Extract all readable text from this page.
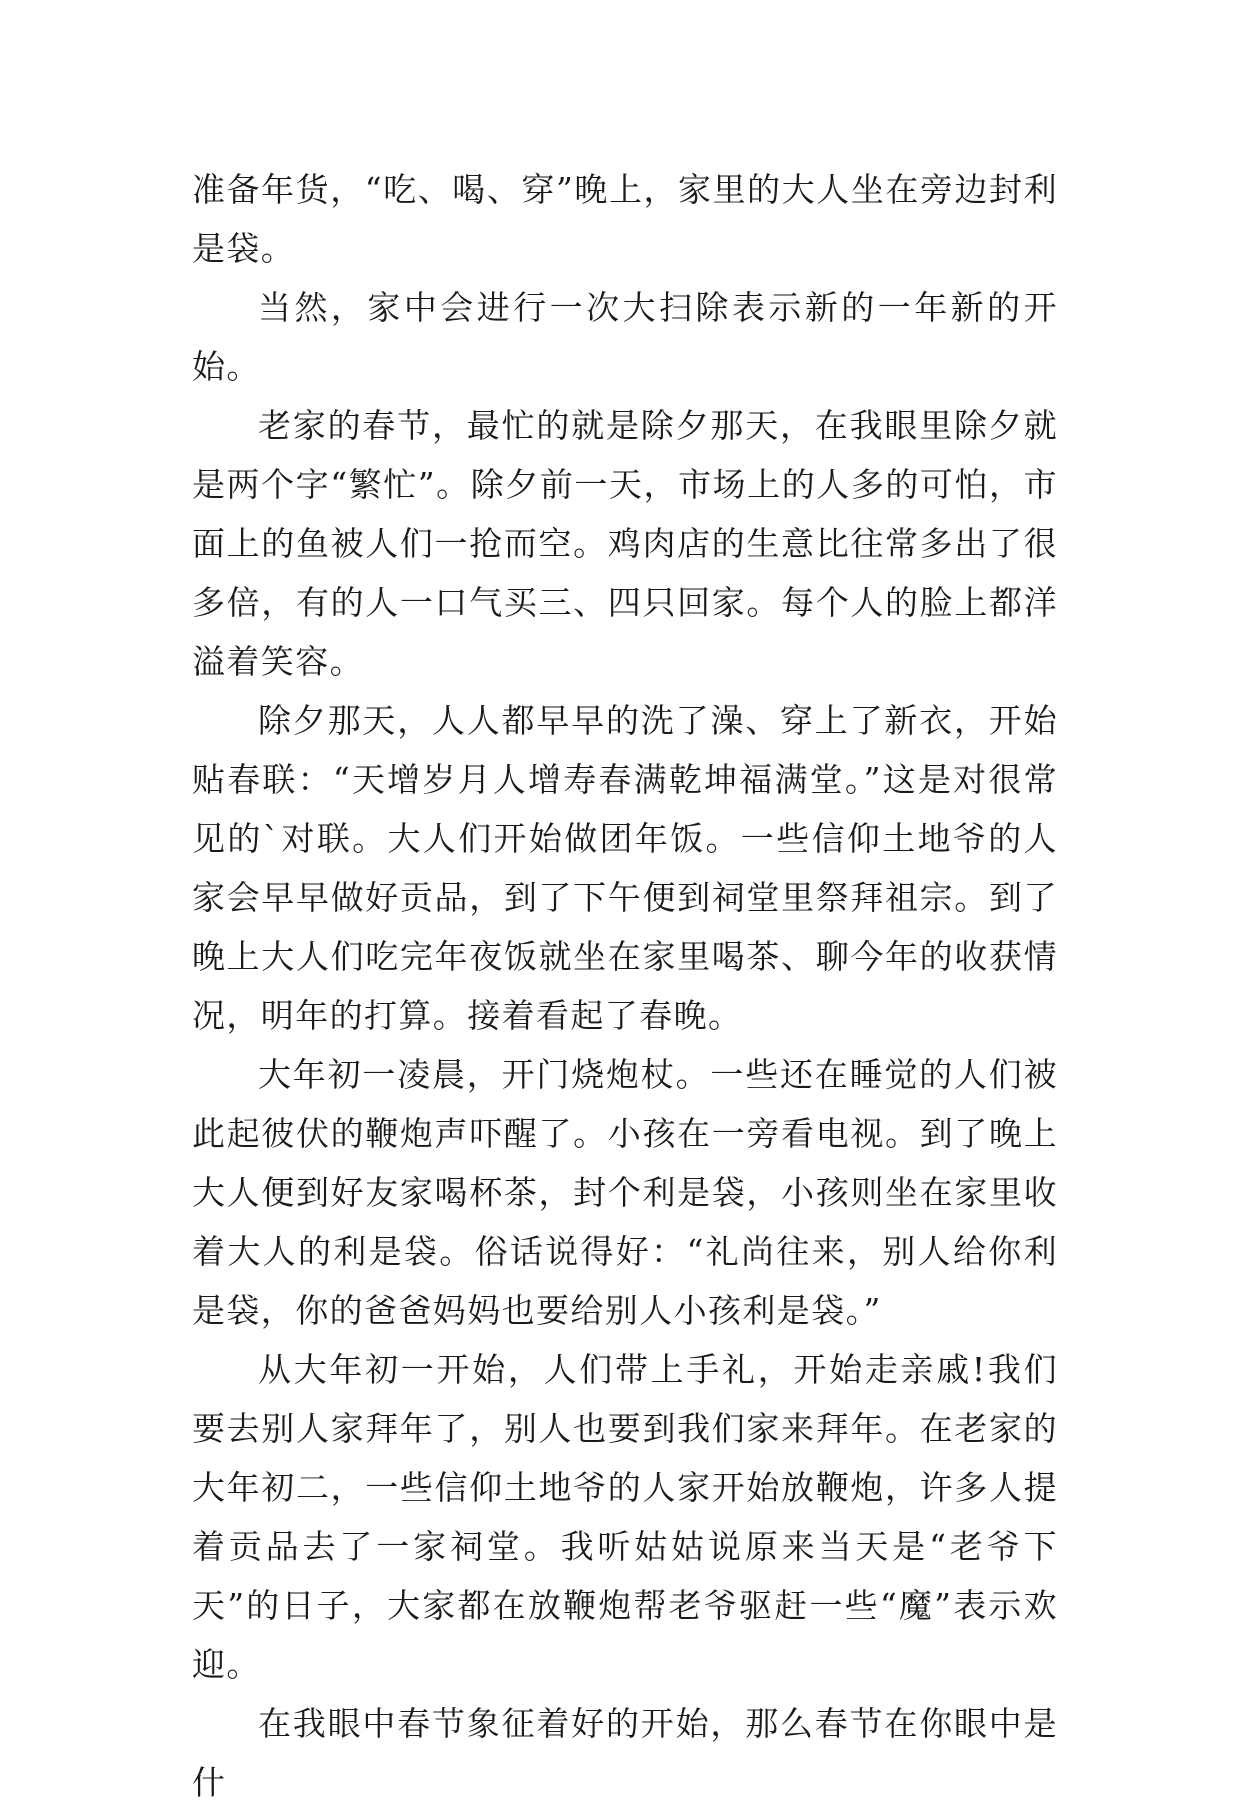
准备年货，“吃、喝、穿”晚上，家里的大人坐在旁边封利是袋。

当然，家中会进行一次大扫除表示新的一年新的开始。

老家的春节，最忙的就是除夕那天，在我眼里除夕就是两个字“繁忙”。除夕前一天，市场上的人多的可怕，市面上的鱼被人们一抢而空。鸡肉店的生意比往常多出了很多倍，有的人一口气买三、四只回家。每个人的脸上都洋溢着笑容。

除夕那天，人人都早早的洗了澡、穿上了新衣，开始贴春联：“天增岁月人增寿春满乾坤福满堂。”这是对很常见的`对联。大人们开始做团年饭。一些信仰土地爷的人家会早早做好贡品，到了下午便到祠堂里祭拜祖宗。到了晚上大人们吃完年夜饭就坐在家里喝茶、聊今年的收获情况，明年的打算。接着看起了春晚。

大年初一凌晨，开门烧炮杖。一些还在睡觉的人们被此起彼伏的鞭炮声吓醒了。小孩在一旁看电视。到了晚上大人便到好友家喝杯茶，封个利是袋，小孩则坐在家里收着大人的利是袋。俗话说得好：“礼尚往来，别人给你利是袋，你的爸爸妈妈也要给别人小孩利是袋。”

从大年初一开始，人们带上手礼，开始走亲戚!我们要去别人家拜年了，别人也要到我们家来拜年。在老家的大年初二，一些信仰土地爷的人家开始放鞭炮，许多人提着贡品去了一家祠堂。我听姑姑说原来当天是“老爷下天”的日子，大家都在放鞭炮帮老爷驱赶一些“魔”表示欢迎。

在我眼中春节象征着好的开始，那么春节在你眼中是什
